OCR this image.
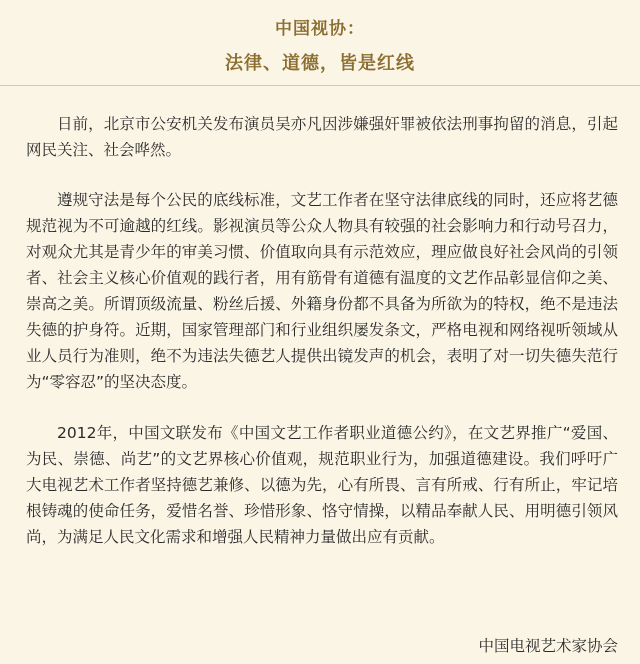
中国视协：
法律、道德，皆是红线

日前，北京市公安机关发布演员吴亦凡因涉嫌强奸罪被依法刑事拘留的消息，引起网民关注、社会哗然。

遵规守法是每个公民的底线标准，文艺工作者在坚守法律底线的同时，还应将艺德规范视为不可逾越的红线。影视演员等公众人物具有较强的社会影响力和行动号召力，对观众尤其是青少年的审美习惯、价值取向具有示范效应，理应做良好社会风尚的引领者、社会主义核心价值观的践行者，用有筋骨有道德有温度的文艺作品彰显信仰之美、崇高之美。所谓顶级流量、粉丝后援、外籍身份都不具备为所欲为的特权，绝不是违法失德的护身符。近期，国家管理部门和行业组织屡发条文，严格电视和网络视听领域从业人员行为准则，绝不为违法失德艺人提供出镜发声的机会，表明了对一切失德失范行为“零容忍”的坚决态度。

2012年，中国文联发布《中国文艺工作者职业道德公约》，在文艺界推广“爱国、为民、崇德、尚艺”的文艺界核心价值观，规范职业行为，加强道德建设。我们呼吁广大电视艺术工作者坚持德艺兼修、以德为先，心有所畏、言有所戒、行有所止，牢记培根铸魂的使命任务，爱惜名誉、珍惜形象、恪守情操，以精品奉献人民、用明德引领风尚，为满足人民文化需求和增强人民精神力量做出应有贡献。

中国电视艺术家协会
